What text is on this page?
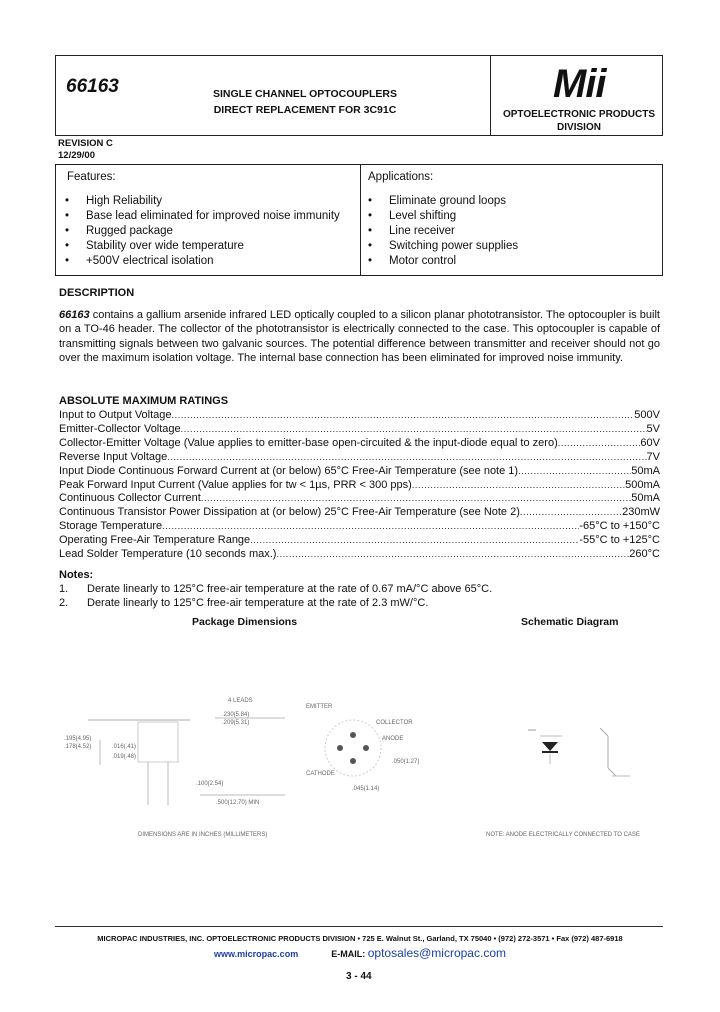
66163	SINGLE CHANNEL OPTOCOUPLERS
DIRECT REPLACEMENT FOR 3C91C
Mii
OPTOELECTRONIC PRODUCTS
DIVISION
REVISION C
12/29/00
Features:
• High Reliability
• Base lead eliminated for improved noise immunity
• Rugged package
• Stability over wide temperature
• +500V electrical isolation
Applications:
• Eliminate ground loops
• Level shifting
• Line receiver
• Switching power supplies
• Motor control
DESCRIPTION
66163 contains a gallium arsenide infrared LED optically coupled to a silicon planar phototransistor. The optocoupler is built on a TO-46 header. The collector of the phototransistor is electrically connected to the case. This optocoupler is capable of transmitting signals between two galvanic sources. The potential difference between transmitter and receiver should not go over the maximum isolation voltage. The internal base connection has been eliminated for improved noise immunity.
ABSOLUTE MAXIMUM RATINGS
Input to Output Voltage .....	500V
Emitter-Collector Voltage .....	5V
Collector-Emitter Voltage (Value applies to emitter-base open-circuited & the input-diode equal to zero) .....	60V
Reverse Input Voltage .....	7V
Input Diode Continuous Forward Current at (or below) 65°C Free-Air Temperature (see note 1) .....	50mA
Peak Forward Input Current (Value applies for tw < 1µs, PRR < 300 pps) .....	500mA
Continuous Collector Current .....	50mA
Continuous Transistor Power Dissipation at (or below) 25°C Free-Air Temperature (see Note 2) .....	230mW
Storage Temperature .....	-65°C to +150°C
Operating Free-Air Temperature Range .....	-55°C to +125°C
Lead Solder Temperature (10 seconds max.) .....	260°C
Notes:
1.	Derate linearly to 125°C free-air temperature at the rate of 0.67 mA/°C above 65°C.
2.	Derate linearly to 125°C free-air temperature at the rate of 2.3 mW/°C.
Package Dimensions	Schematic Diagram
4 LEADS
.230(5.84)
.209(5.31)
.195(4.95)
.178(4.52)	.016(.41)
.019(.48)
.100(2.54)
.500(12.70) MIN
EMITTER
COLLECTOR
ANODE
.050(1.27)
CATHODE
.045(1.14)
DIMENSIONS ARE IN INCHES (MILLIMETERS)	NOTE: ANODE ELECTRICALLY CONNECTED TO CASE
MICROPAC INDUSTRIES, INC. OPTOELECTRONIC PRODUCTS DIVISION • 725 E. Walnut St., Garland, TX 75040 • (972) 272-3571 • Fax (972) 487-6918
www.micropac.com	E-MAIL: optosales@micropac.com
3 - 44
